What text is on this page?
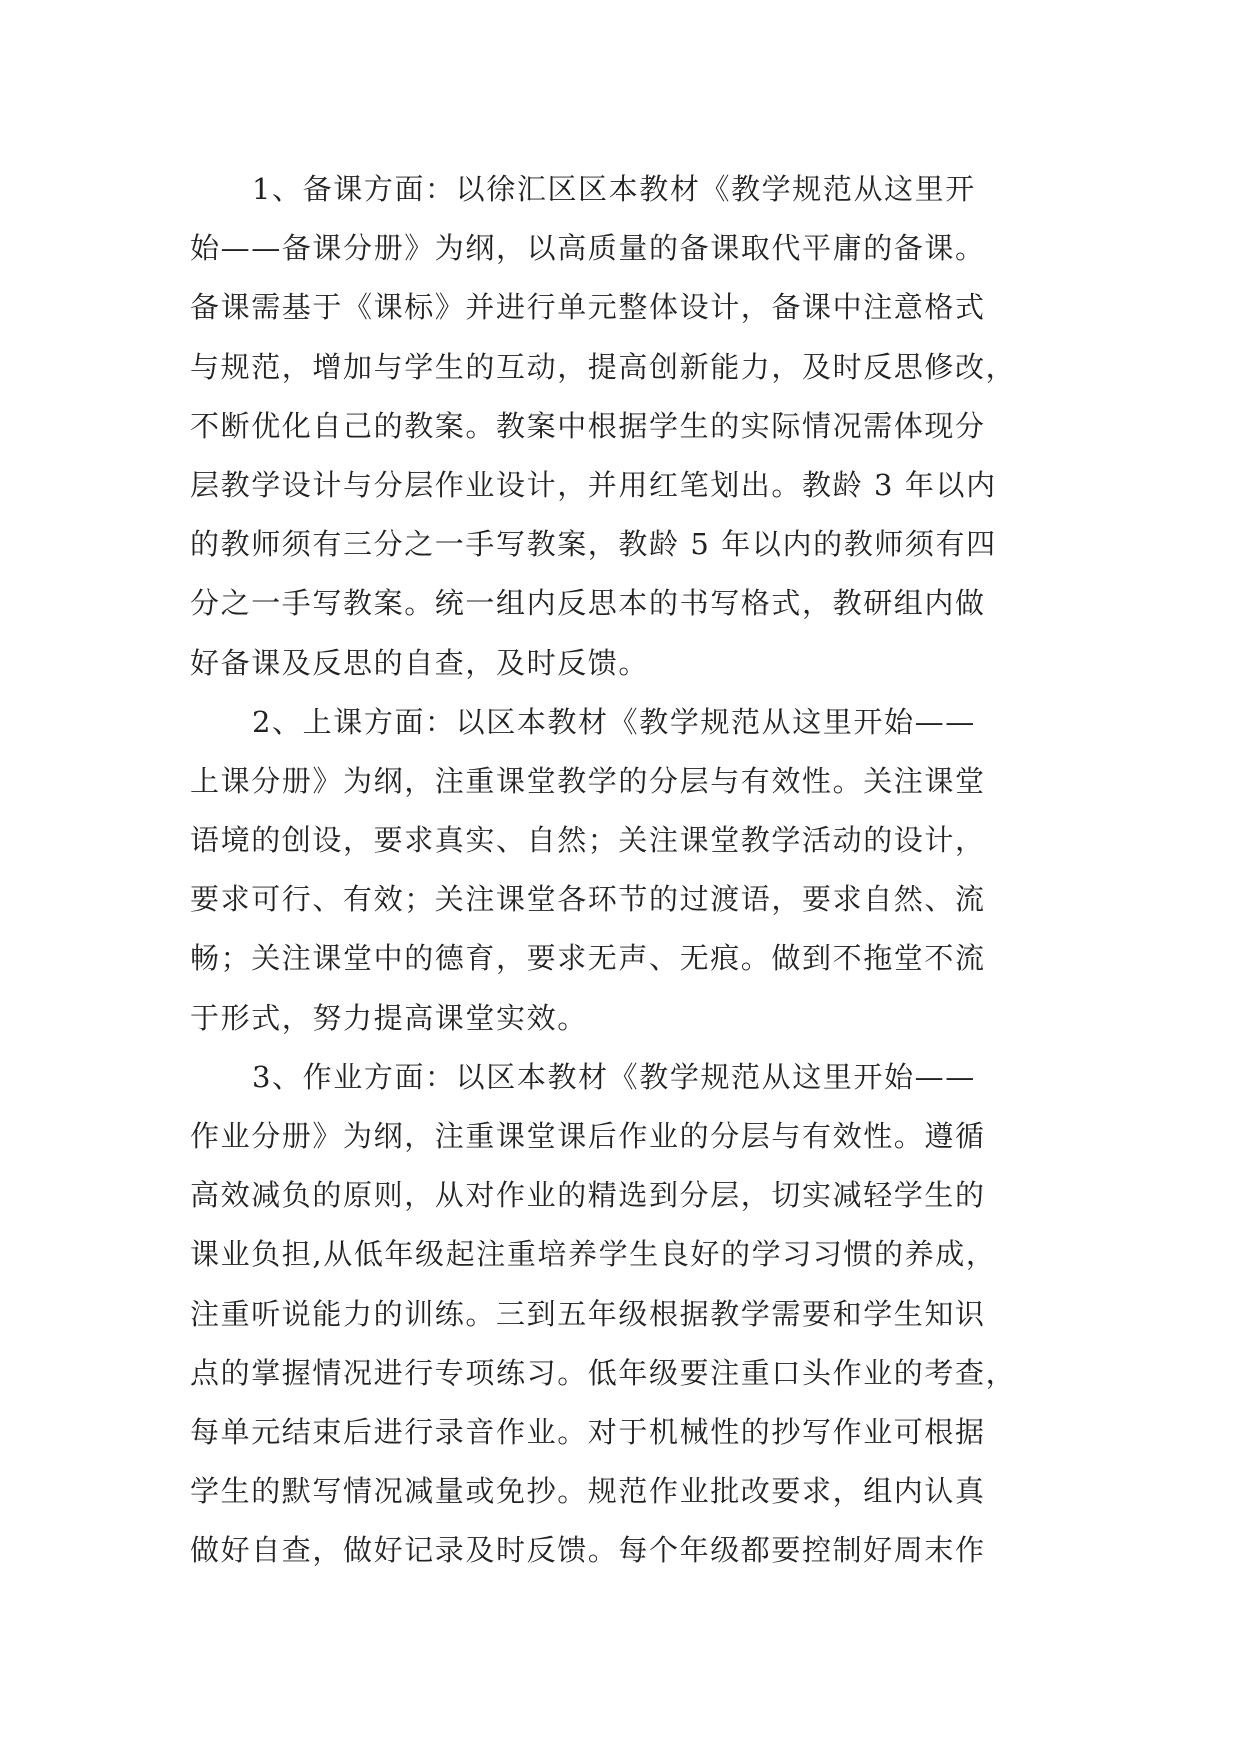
1、备课方面：以徐汇区区本教材《教学规范从这里开
始——备课分册》为纲，以高质量的备课取代平庸的备课。
备课需基于《课标》并进行单元整体设计，备课中注意格式
与规范，增加与学生的互动，提高创新能力，及时反思修改，
不断优化自己的教案。教案中根据学生的实际情况需体现分
层教学设计与分层作业设计，并用红笔划出。教龄 3 年以内
的教师须有三分之一手写教案，教龄 5 年以内的教师须有四
分之一手写教案。统一组内反思本的书写格式，教研组内做
好备课及反思的自查，及时反馈。
2、上课方面：以区本教材《教学规范从这里开始——
上课分册》为纲，注重课堂教学的分层与有效性。关注课堂
语境的创设，要求真实、自然；关注课堂教学活动的设计，
要求可行、有效；关注课堂各环节的过渡语，要求自然、流
畅；关注课堂中的德育，要求无声、无痕。做到不拖堂不流
于形式，努力提高课堂实效。
3、作业方面：以区本教材《教学规范从这里开始——
作业分册》为纲，注重课堂课后作业的分层与有效性。遵循
高效减负的原则，从对作业的精选到分层，切实减轻学生的
课业负担,从低年级起注重培养学生良好的学习习惯的养成，
注重听说能力的训练。三到五年级根据教学需要和学生知识
点的掌握情况进行专项练习。低年级要注重口头作业的考查，
每单元结束后进行录音作业。对于机械性的抄写作业可根据
学生的默写情况减量或免抄。规范作业批改要求，组内认真
做好自查，做好记录及时反馈。每个年级都要控制好周末作
